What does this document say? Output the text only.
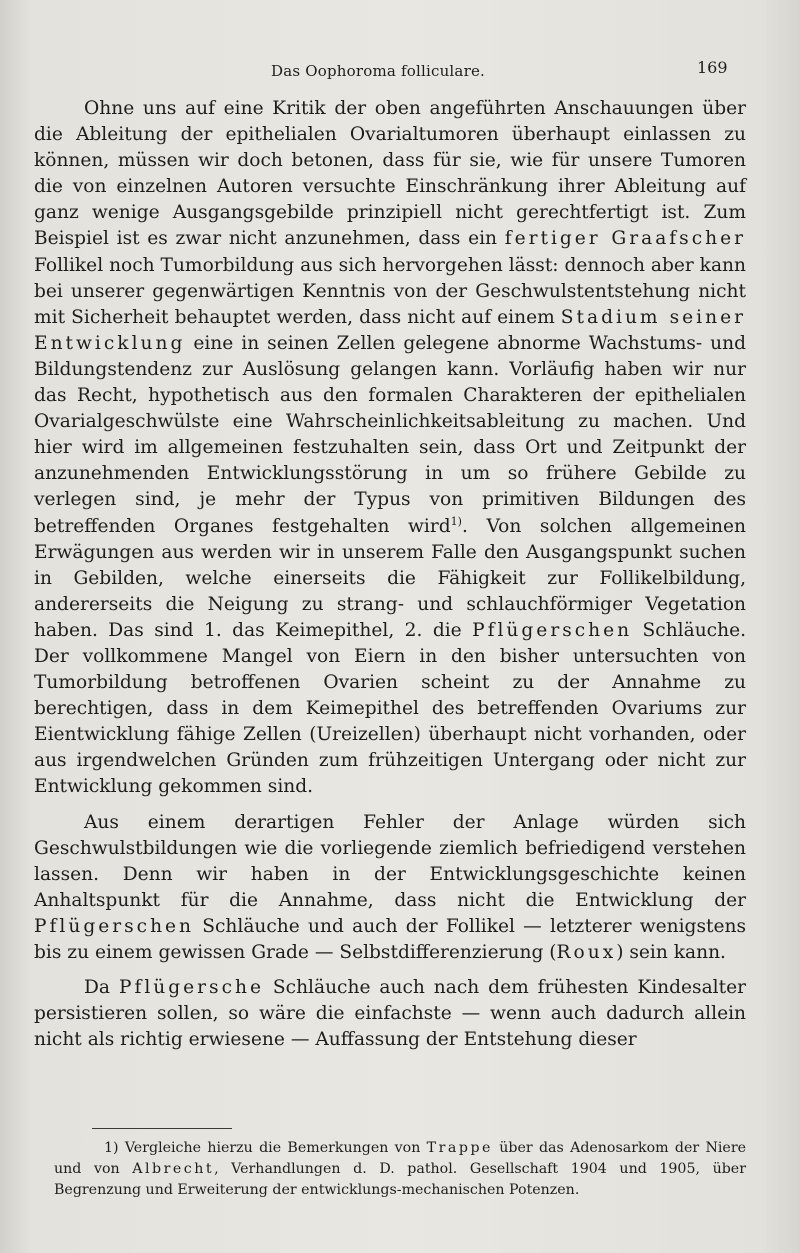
Das Oophoroma folliculare.	169

Ohne uns auf eine Kritik der oben angeführten Anschauungen über die Ableitung der epithelialen Ovarialtumoren überhaupt einlassen zu können, müssen wir doch betonen, dass für sie, wie für unsere Tumoren die von einzelnen Autoren versuchte Einschränkung ihrer Ableitung auf ganz wenige Ausgangsgebilde prinzipiell nicht gerechtfertigt ist. Zum Beispiel ist es zwar nicht anzunehmen, dass ein fertiger Graafscher Follikel noch Tumorbildung aus sich hervorgehen lässt: dennoch aber kann bei unserer gegenwärtigen Kenntnis von der Geschwulstentstehung nicht mit Sicherheit behauptet werden, dass nicht auf einem Stadium seiner Entwicklung eine in seinen Zellen gelegene abnorme Wachstums- und Bildungstendenz zur Auslösung gelangen kann. Vorläufig haben wir nur das Recht, hypothetisch aus den formalen Charakteren der epithelialen Ovarialgeschwülste eine Wahrscheinlichkeitsableitung zu machen. Und hier wird im allgemeinen festzuhalten sein, dass Ort und Zeitpunkt der anzunehmenden Entwicklungsstörung in um so frühere Gebilde zu verlegen sind, je mehr der Typus von primitiven Bildungen des betreffenden Organes festgehalten wird$^{1)}$. Von solchen allgemeinen Erwägungen aus werden wir in unserem Falle den Ausgangspunkt suchen in Gebilden, welche einerseits die Fähigkeit zur Follikelbildung, andererseits die Neigung zu strang- und schlauchförmiger Vegetation haben. Das sind 1. das Keimepithel, 2. die Pflügerschen Schläuche. Der vollkommene Mangel von Eiern in den bisher untersuchten von Tumorbildung betroffenen Ovarien scheint zu der Annahme zu berechtigen, dass in dem Keimepithel des betreffenden Ovariums zur Eientwicklung fähige Zellen (Ureizellen) überhaupt nicht vorhanden, oder aus irgendwelchen Gründen zum frühzeitigen Untergang oder nicht zur Entwicklung gekommen sind.

Aus einem derartigen Fehler der Anlage würden sich Geschwulstbildungen wie die vorliegende ziemlich befriedigend verstehen lassen. Denn wir haben in der Entwicklungsgeschichte keinen Anhaltspunkt für die Annahme, dass nicht die Entwicklung der Pflügerschen Schläuche und auch der Follikel — letzterer wenigstens bis zu einem gewissen Grade — Selbstdifferenzierung (Roux) sein kann.

Da Pflügersche Schläuche auch nach dem frühesten Kindesalter persistieren sollen, so wäre die einfachste — wenn auch dadurch allein nicht als richtig erwiesene — Auffassung der Entstehung dieser

1) Vergleiche hierzu die Bemerkungen von Trappe über das Adenosarkom der Niere und von Albrecht, Verhandlungen d. D. pathol. Gesellschaft 1904 und 1905, über Begrenzung und Erweiterung der entwicklungs-mechanischen Potenzen.
